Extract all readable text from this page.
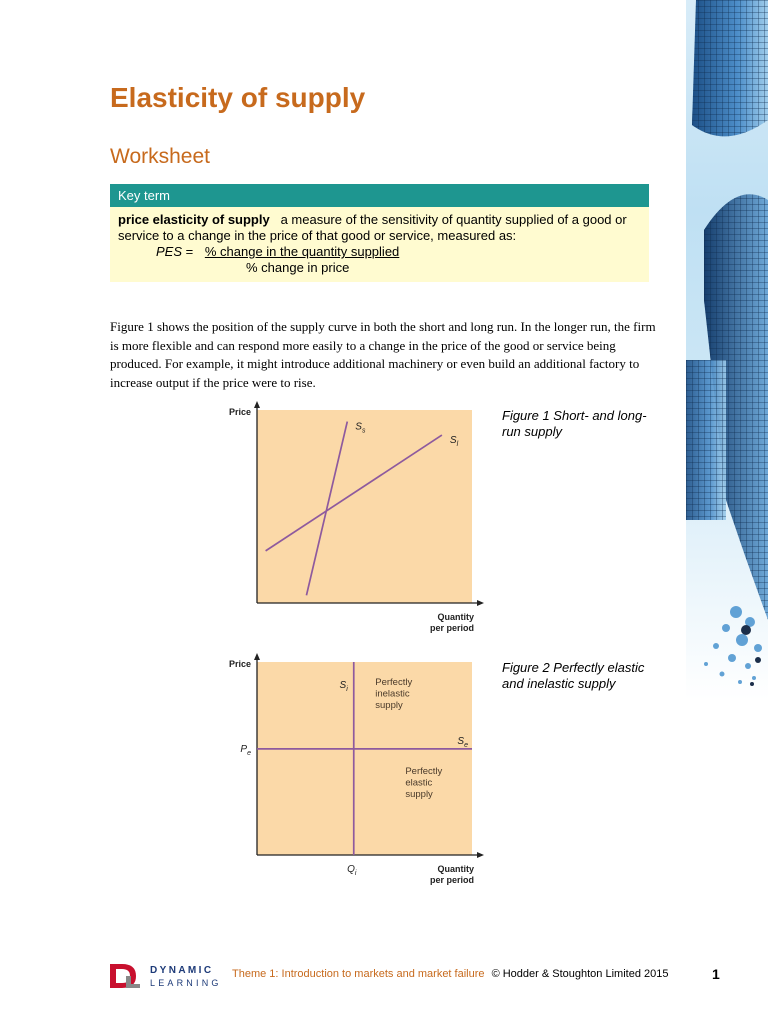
Elasticity of supply
Worksheet
Key term
price elasticity of supply a measure of the sensitivity of quantity supplied of a good or service to a change in the price of that good or service, measured as:
PES = % change in the quantity supplied
% change in price

Figure 1 shows the position of the supply curve in both the short and long run. In the longer run, the firm is more flexible and can respond more easily to a change in the price of the good or service being produced. For example, it might introduce additional machinery or even build an additional factory to increase output if the price were to rise.

Price
Quantity
per period
$S_s$
$S_l$

Figure 1 Short- and long-run supply

Price
Quantity
per period
$S_i$
$S_e$
$P_e$
$Q_i$
Perfectly inelastic supply
Perfectly elastic supply

Figure 2 Perfectly elastic and inelastic supply

DYNAMIC
LEARNING
Theme 1: Introduction to markets and market failure © Hodder & Stoughton Limited 2015	1
